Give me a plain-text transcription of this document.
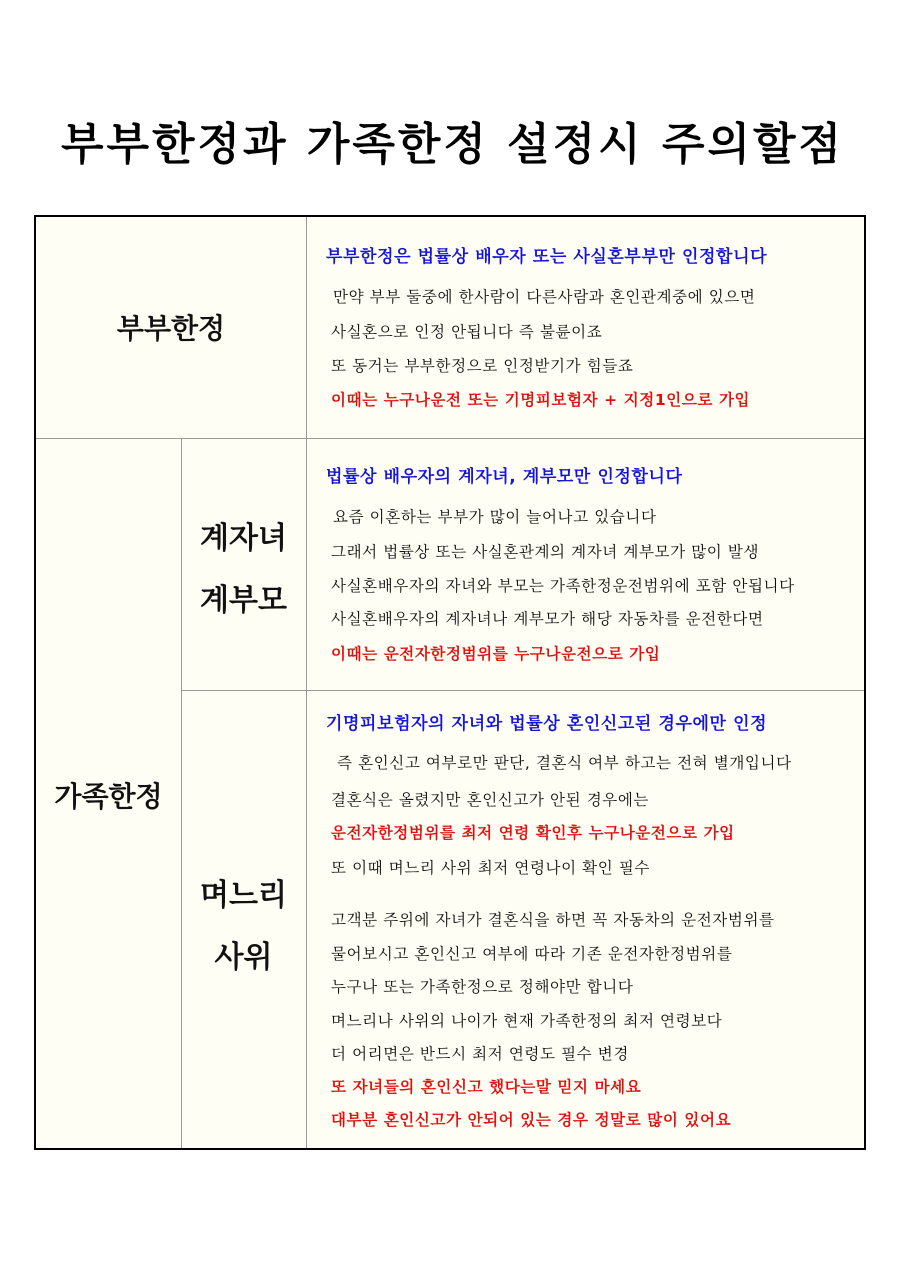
부부한정과 가족한정 설정시 주의할점
부부한정
가족한정
계자녀
계부모
며느리
사위
부부한정은 법률상 배우자 또는 사실혼부부만 인정합니다
만약 부부 둘중에 한사람이 다른사람과 혼인관계중에 있으면
사실혼으로 인정 안됩니다 즉 불륜이죠
또 동거는 부부한정으로 인정받기가 힘들죠
이때는 누구나운전 또는 기명피보험자 + 지정1인으로 가입
법률상 배우자의 계자녀, 계부모만 인정합니다
요즘 이혼하는 부부가 많이 늘어나고 있습니다
그래서 법률상 또는 사실혼관계의 계자녀 계부모가 많이 발생
사실혼배우자의 자녀와 부모는 가족한정운전범위에 포함 안됩니다
사실혼배우자의 계자녀나 계부모가 해당 자동차를 운전한다면
이때는 운전자한정범위를 누구나운전으로 가입
기명피보험자의 자녀와 법률상 혼인신고된 경우에만 인정
즉 혼인신고 여부로만 판단, 결혼식 여부 하고는 전혀 별개입니다
결혼식은 올렸지만 혼인신고가 안된 경우에는
운전자한정범위를 최저 연령 확인후 누구나운전으로 가입
또 이때 며느리 사위 최저 연령나이 확인 필수
고객분 주위에 자녀가 결혼식을 하면 꼭 자동차의 운전자범위를
물어보시고 혼인신고 여부에 따라 기존 운전자한정범위를
누구나 또는 가족한정으로 정해야만 합니다
며느리나 사위의 나이가 현재 가족한정의 최저 연령보다
더 어리면은 반드시 최저 연령도 필수 변경
또 자녀들의 혼인신고 했다는말 믿지 마세요
대부분 혼인신고가 안되어 있는 경우 정말로 많이 있어요
